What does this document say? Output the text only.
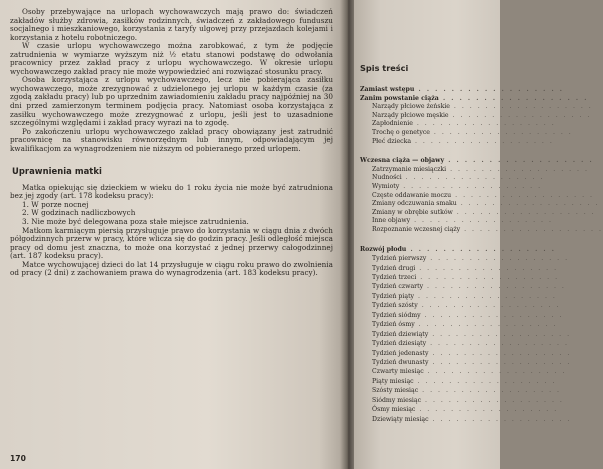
Osoby przebywające na urlopach wychowawczych mają prawo do: świadczeń zakładów służby zdrowia, zasiłków rodzinnych, świadczeń z zakładowego funduszu socjalnego i mieszkaniowego, korzystania z taryfy ulgowej przy przejazdach kolejami i korzystania z hotelu robotniczego.

W czasie urlopu wychowawczego można zarobkować, z tym że podjęcie zatrudnienia w wymiarze wyższym niż ½ etatu stanowi podstawę do odwołania pracownicy przez zakład pracy z urlopu wychowawczego. W okresie urlopu wychowawczego zakład pracy nie może wypowiedzieć ani rozwiązać stosunku pracy.

Osoba korzystająca z urlopu wychowawczego, lecz nie pobierająca zasiłku wychowawczego, może zrezygnować z udzielonego jej urlopu w każdym czasie (za zgodą zakładu pracy) lub po uprzednim zawiadomieniu zakładu pracy najpóźniej na 30 dni przed zamierzonym terminem podjęcia pracy. Natomiast osoba korzystająca z zasiłku wychowawczego może zrezygnować z urlopu, jeśli jest to uzasadnione szczególnymi względami i zakład pracy wyrazi na to zgodę.

Po zakończeniu urlopu wychowawczego zakład pracy obowiązany jest zatrudnić pracownicę na stanowisku równorzędnym lub innym, odpowiadającym jej kwalifikacjom za wynagrodzeniem nie niższym od pobieranego przed urlopem.

Uprawnienia matki

Matka opiekując się dzieckiem w wieku do 1 roku życia nie może być zatrudniona bez jej zgody (art. 178 kodeksu pracy):

1. W porze nocnej

2. W godzinach nadliczbowych

3. Nie może być delegowana poza stałe miejsce zatrudnienia.

Matkom karmiącym piersią przysługuje prawo do korzystania w ciągu dnia z dwóch półgodzinnych przerw w pracy, które wlicza się do godzin pracy. Jeśli odległość miejsca pracy od domu jest znaczna, to może ona korzystać z jednej przerwy całogodzinnej (art. 187 kodeksu pracy).

Matce wychowującej dzieci do lat 14 przysługuje w ciągu roku prawo do zwolnienia od pracy (2 dni) z zachowaniem prawa do wynagrodzenia (art. 183 kodeksu pracy).

170
Spis treści
Zamiast wstępu . . . . . . . . . . . . . . . . . .
Zanim powstanie ciąża . . . . . . . . . . . . . . . . . .
Narządy płciowe żeńskie . . . . . . . . . . . . . . . . . .
Narządy płciowe męskie . . . . . . . . . . . . . . . . . .
Zapłodnienie . . . . . . . . . . . . . . . . . .
Trochę o genetyce . . . . . . . . . . . . . . . . . .
Płeć dziecka . . . . . . . . . . . . . . . . . .
Wczesna ciąża — objawy . . . . . . . . . . . . . . . . . .
Zatrzymanie miesiączki . . . . . . . . . . . . . . . . . .
Nudności . . . . . . . . . . . . . . . . . .
Wymioty . . . . . . . . . . . . . . . . . .
Częste oddawanie moczu . . . . . . . . . . . . . . . . . .
Zmiany odczuwania smaku . . . . . . . . . . . . . . . . . .
Zmiany w obrębie sutków . . . . . . . . . . . . . . . . . .
Inne objawy . . . . . . . . . . . . . . . . . .
Rozpoznanie wczesnej ciąży . . . . . . . . . . . . . . . . . .
Rozwój płodu . . . . . . . . . . . . . . . . . .
Tydzień pierwszy . . . . . . . . . . . . . . . . . .
Tydzień drugi . . . . . . . . . . . . . . . . . .
Tydzień trzeci . . . . . . . . . . . . . . . . . .
Tydzień czwarty . . . . . . . . . . . . . . . . . .
Tydzień piąty . . . . . . . . . . . . . . . . . .
Tydzień szósty . . . . . . . . . . . . . . . . . .
Tydzień siódmy . . . . . . . . . . . . . . . . . .
Tydzień ósmy . . . . . . . . . . . . . . . . . .
Tydzień dziewiąty . . . . . . . . . . . . . . . . . .
Tydzień dziesiąty . . . . . . . . . . . . . . . . . .
Tydzień jedenasty . . . . . . . . . . . . . . . . . .
Tydzień dwunasty . . . . . . . . . . . . . . . . . .
Czwarty miesiąc . . . . . . . . . . . . . . . . . .
Piąty miesiąc . . . . . . . . . . . . . . . . . .
Szósty miesiąc . . . . . . . . . . . . . . . . . .
Siódmy miesiąc . . . . . . . . . . . . . . . . . .
Ósmy miesiąc . . . . . . . . . . . . . . . . . .
Dziewiąty miesiąc . . . . . . . . . . . . . . . . . .
